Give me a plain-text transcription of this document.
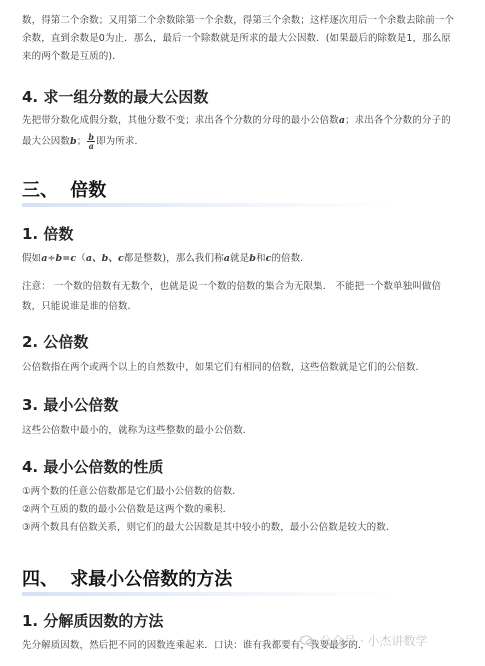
数，得第二个余数；又用第二个余数除第一个余数，得第三个余数；这样逐次用后一个余数去除前一个
余数，直到余数是0为止．那么，最后一个除数就是所求的最大公因数．(如果最后的除数是1，那么原
来的两个数是互质的)．
4. 求一组分数的最大公因数
先把带分数化成假分数，其他分数不变；求出各个分数的分母的最小公倍数a；求出各个分数的分子的
最大公因数b； $\frac{b}{a}$ 即为所求．
三、 倍数
1. 倍数
假如a÷b=c（a、b、c都是整数)，那么我们称a就是b和c的倍数．
注意： 一个数的倍数有无数个，也就是说一个数的倍数的集合为无限集． 不能把一个数单独叫做倍
数，只能说谁是谁的倍数．
2. 公倍数
公倍数指在两个或两个以上的自然数中，如果它们有相同的倍数，这些倍数就是它们的公倍数．
3. 最小公倍数
这些公倍数中最小的，就称为这些整数的最小公倍数．
4. 最小公倍数的性质
①两个数的任意公倍数都是它们最小公倍数的倍数．
②两个互质的数的最小公倍数是这两个数的乘积．
③两个数具有倍数关系，则它们的最大公因数是其中较小的数，最小公倍数是较大的数．
四、 求最小公倍数的方法
1. 分解质因数的方法
先分解质因数，然后把不同的因数连乘起来．口诀：谁有我都要有，我要最多的．
公众号 · 小杰讲数学
